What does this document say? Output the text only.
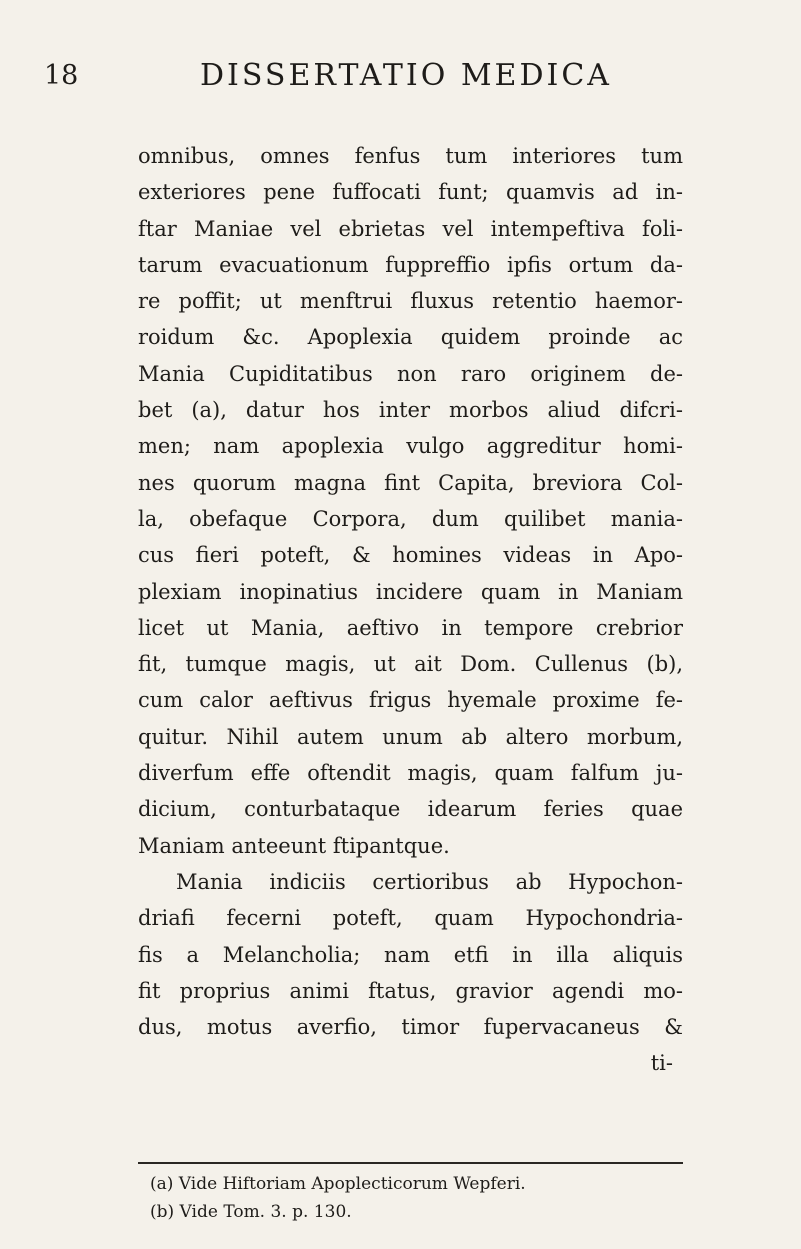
18	DISSERTATIO MEDICA
omnibus, omnes fenfus tum interiores tum
exteriores pene fuffocati funt; quamvis ad in-
ftar Maniae vel ebrietas vel intempeftiva foli-
tarum evacuationum fuppreffio ipfis ortum da-
re poffit; ut menftrui fluxus retentio haemor-
roidum &c. Apoplexia quidem proinde ac
Mania Cupiditatibus non raro originem de-
bet (a), datur hos inter morbos aliud difcri-
men; nam apoplexia vulgo aggreditur homi-
nes quorum magna fint Capita, breviora Col-
la, obefaque Corpora, dum quilibet mania-
cus fieri poteft, & homines videas in Apo-
plexiam inopinatius incidere quam in Maniam
licet ut Mania, aeftivo in tempore crebrior
fit, tumque magis, ut ait Dom. Cullenus (b),
cum calor aeftivus frigus hyemale proxime fe-
quitur. Nihil autem unum ab altero morbum,
diverfum effe oftendit magis, quam falfum ju-
dicium, conturbataque idearum feries quae
Maniam anteeunt ftipantque.
Mania indiciis certioribus ab Hypochon-
driafi fecerni poteft, quam Hypochondria-
fis a Melancholia; nam etfi in illa aliquis
fit proprius animi ftatus, gravior agendi mo-
dus, motus averfio, timor fupervacaneus &
ti-
(a) Vide Hiftoriam Apoplecticorum Wepferi.
(b) Vide Tom. 3. p. 130.
